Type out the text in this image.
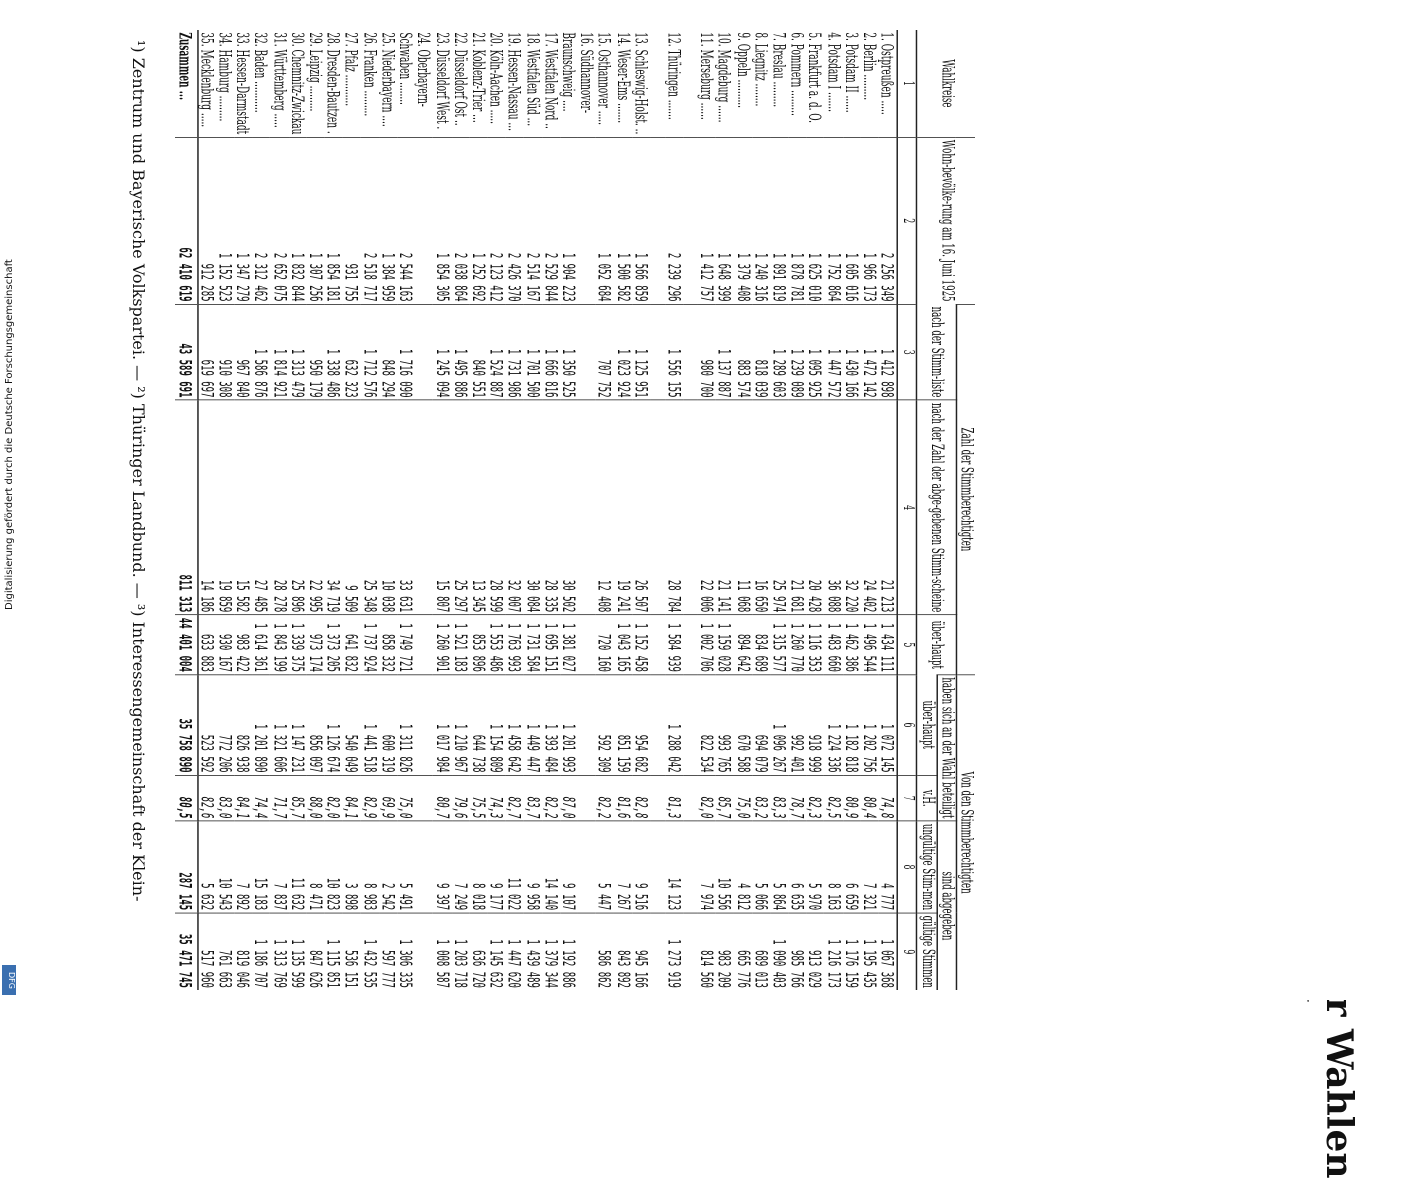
190
Auszug aus dem Gesamtergebnis der Wahlen
(Das Gesamtergebnis ist im Reichs- und Staats-
Wahlkreise	Wohn-bevölke-rung am 16. Juni 1925	Zahl der Stimmberechtigten			Von den Stimmberechtigten			
		nach der Stimm-liste	nach der Zahl der abge-gebenen Stimm-scheine	über-haupt	haben sich an der Wahl beteiligt		sind abgegeben	
					über-haupt	v.H.	ungültige Stim-men	gültige Stimmen
1	2	3	4	5	6	7	8	9
1. Ostpreußen .....	2 256 349	1 412 898	21 213	1 434 111	1 072 145	74,8	4 777	1 067 368
2. Berlin .........	1 966 173	1 472 142	24 402	1 496 544	1 202 756	80,4	7 321	1 195 435
3. Potsdam II ......	1 605 016	1 430 166	32 220	1 462 386	1 182 818	80,9	6 659	1 176 159
4. Potsdam I .......	1 752 864	1 447 572	36 088	1 483 660	1 224 336	82,5	8 163	1 216 173
5. Frankfurt a. d. O.	1 625 010	1 095 925	20 428	1 116 353	918 999	82,3	5 970	913 029
6. Pommern .........	1 878 781	1 239 089	21 681	1 260 770	992 401	78,7	6 635	985 766
7. Breslau .........	1 891 819	1 289 603	25 974	1 315 577	1 096 267	83,3	5 864	1 090 403
8. Liegnitz ........	1 240 316	818 039	16 650	834 689	694 079	83,2	5 066	689 013
9. Oppeln ..........	1 379 408	883 574	11 068	894 642	670 588	75,0	4 812	665 776
10. Magdeburg ......	1 648 399	1 137 887	21 141	1 159 028	993 765	85,7	10 556	983 209
11. Merseburg ......	1 412 757	980 700	22 006	1 002 706	822 534	82,0	7 974	814 560

12. Thüringen .......	2 239 296	1 556 155	28 784	1 584 939	1 288 042	81,3	14 123	1 273 919

13. Schleswig-Holst. ..	1 566 859	1 125 951	26 507	1 152 458	954 682	82,8	9 516	945 166
14. Weser-Ems .......	1 500 582	1 023 924	19 241	1 043 165	851 159	81,6	7 267	843 892
15. Osthannover .....	1 052 684	707 752	12 408	720 160	592 309	82,2	5 447	586 862
16. Südhannover-								
Braunschweig ....	1 904 223	1 350 525	30 502	1 381 027	1 201 993	87,0	9 107	1 192 886
17. Westfalen Nord ..	2 529 844	1 666 816	28 335	1 695 151	1 393 484	82,2	14 140	1 379 344
18. Westfalen Süd ...	2 514 167	1 701 500	30 084	1 731 584	1 449 447	83,7	9 958	1 439 489
19. Hessen-Nassau ...	2 426 370	1 731 986	32 007	1 763 993	1 458 642	82,7	11 022	1 447 620
20. Köln-Aachen .....	2 123 412	1 524 887	28 599	1 553 486	1 154 809	74,3	9 177	1 145 632
21. Koblenz-Trier ...	1 252 692	840 551	13 345	853 896	644 738	75,5	8 018	636 720
22. Düsseldorf Ost ..	2 038 864	1 495 886	25 297	1 521 183	1 210 967	79,6	7 249	1 203 718
23. Düsseldorf West .	1 854 305	1 245 094	15 807	1 260 901	1 017 984	80,7	9 397	1 008 587
24. Oberbayern-								
Schwaben ........	2 544 163	1 716 090	33 631	1 749 721	1 311 826	75,0	5 491	1 306 335
25. Niederbayern ....	1 384 959	848 294	10 038	858 332	600 319	69,9	2 542	597 777
26. Franken .........	2 518 717	1 712 576	25 348	1 737 924	1 441 518	82,9	8 983	1 432 535
27. Pfalz ...........	931 755	632 323	9 509	641 832	540 049	84,1	3 898	536 151
28. Dresden-Bautzen .	1 854 181	1 338 486	34 719	1 373 205	1 126 674	82,0	10 823	1 115 851
29. Leipzig .........	1 307 256	950 179	22 995	973 174	856 097	88,0	8 471	847 626
30. Chemnitz-Zwickau	1 832 844	1 313 479	25 896	1 339 375	1 147 231	85,7	11 632	1 135 599
31. Württemberg .....	2 652 075	1 814 921	28 278	1 843 199	1 321 606	71,7	7 837	1 313 769
32. Baden ...........	2 312 462	1 586 876	27 485	1 614 361	1 201 890	74,4	15 183	1 186 707
33. Hessen-Darmstadt	1 347 279	967 840	15 582	983 422	826 938	84,1	7 892	819 046
34. Hamburg .........	1 152 523	910 308	19 859	930 167	772 206	83,0	10 543	761 663
35. Mecklenburg .....	912 285	619 697	14 186	633 883	523 592	82,6	5 632	517 960
Zusammen ...	62 410 619	43 589 691	811 313	44 401 004	35 758 890	80,5	287 145	35 471 745
¹) Zentrum und Bayerische Volkspartei. — ²) Thüringer Landbund. — ³) Interessengemeinschaft der Klein-
Digitalisierung gefördert durch die Deutsche Forschungsgemeinschaft
DFG
